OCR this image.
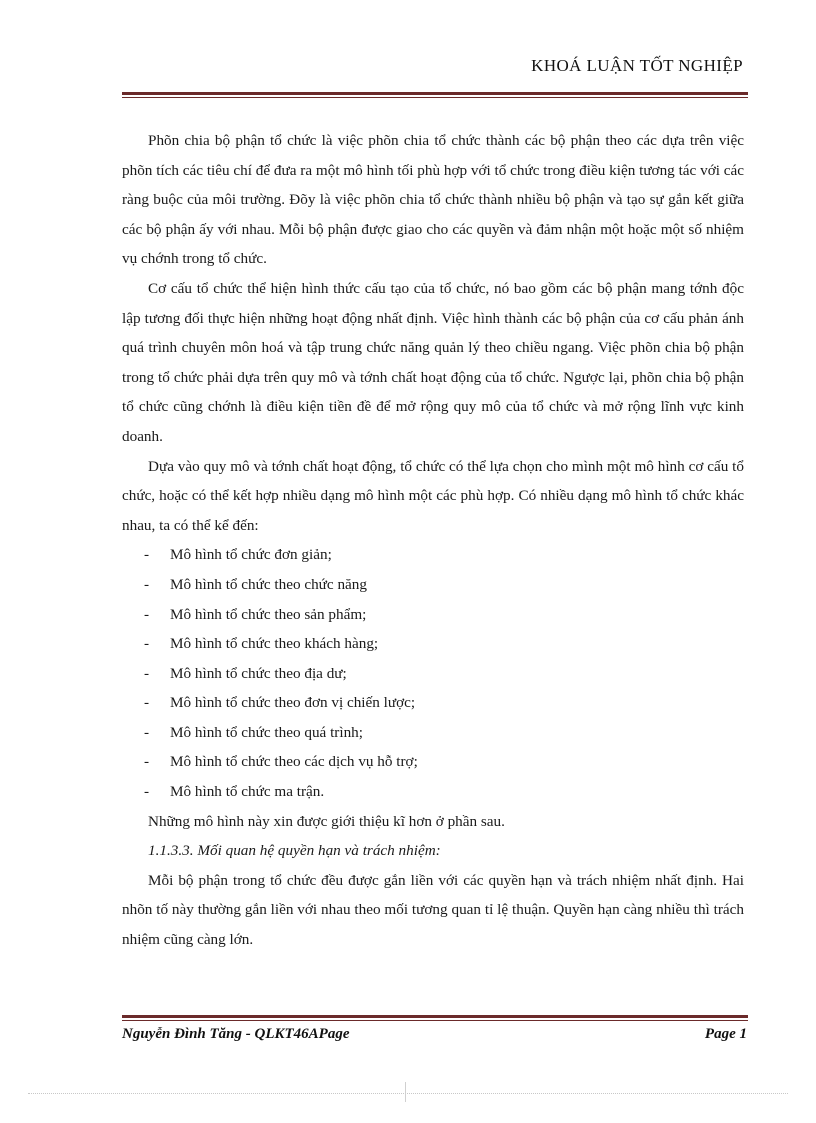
KHOÁ LUẬN TỐT NGHIỆP

Phõn chia bộ phận tổ chức là việc phõn chia tổ chức thành các bộ phận theo các dựa trên việc phõn tích các tiêu chí để đưa ra một mô hình tối phù hợp với tổ chức trong điều kiện tương tác với các ràng buộc của môi trường. Đõy là việc phõn chia tổ chức thành nhiều bộ phận và tạo sự gắn kết giữa các bộ phận ấy với nhau. Mỗi bộ phận được giao cho các quyền và đảm nhận một hoặc một số nhiệm vụ chớnh trong tổ chức.

Cơ cấu tổ chức thể hiện hình thức cấu tạo của tổ chức, nó bao gồm các bộ phận mang tớnh độc lập tương đối thực hiện những hoạt động nhất định. Việc hình thành các bộ phận của cơ cấu phản ánh quá trình chuyên môn hoá và tập trung chức năng quản lý theo chiều ngang. Việc phõn chia bộ phận trong tổ chức phải dựa trên quy mô và tớnh chất hoạt động của tổ chức. Ngược lại, phõn chia bộ phận tổ chức cũng chớnh là điều kiện tiền đề để mở rộng quy mô của tổ chức và mở rộng lĩnh vực kinh doanh.

Dựa vào quy mô và tớnh chất hoạt động, tổ chức có thể lựa chọn cho mình một mô hình cơ cấu tổ chức, hoặc có thể kết hợp nhiều dạng mô hình một các phù hợp. Có nhiều dạng mô hình tổ chức khác nhau, ta có thể kể đến:

-	Mô hình tổ chức đơn giản;
-	Mô hình tổ chức theo chức năng
-	Mô hình tổ chức theo sản phẩm;
-	Mô hình tổ chức theo khách hàng;
-	Mô hình tổ chức theo địa dư;
-	Mô hình tổ chức theo đơn vị chiến lược;
-	Mô hình tổ chức theo quá trình;
-	Mô hình tổ chức theo các dịch vụ hỗ trợ;
-	Mô hình tổ chức ma trận.

Những mô hình này xin được giới thiệu kĩ hơn ở phần sau.

1.1.3.3. Mối quan hệ quyền hạn và trách nhiệm:

Mỗi bộ phận trong tổ chức đều được gắn liền với các quyền hạn và trách nhiệm nhất định. Hai nhõn tố này thường gắn liền với nhau theo mối tương quan tỉ lệ thuận. Quyền hạn càng nhiều thì trách nhiệm cũng càng lớn.

Nguyễn Đình Tăng - QLKT46APage	Page 1
